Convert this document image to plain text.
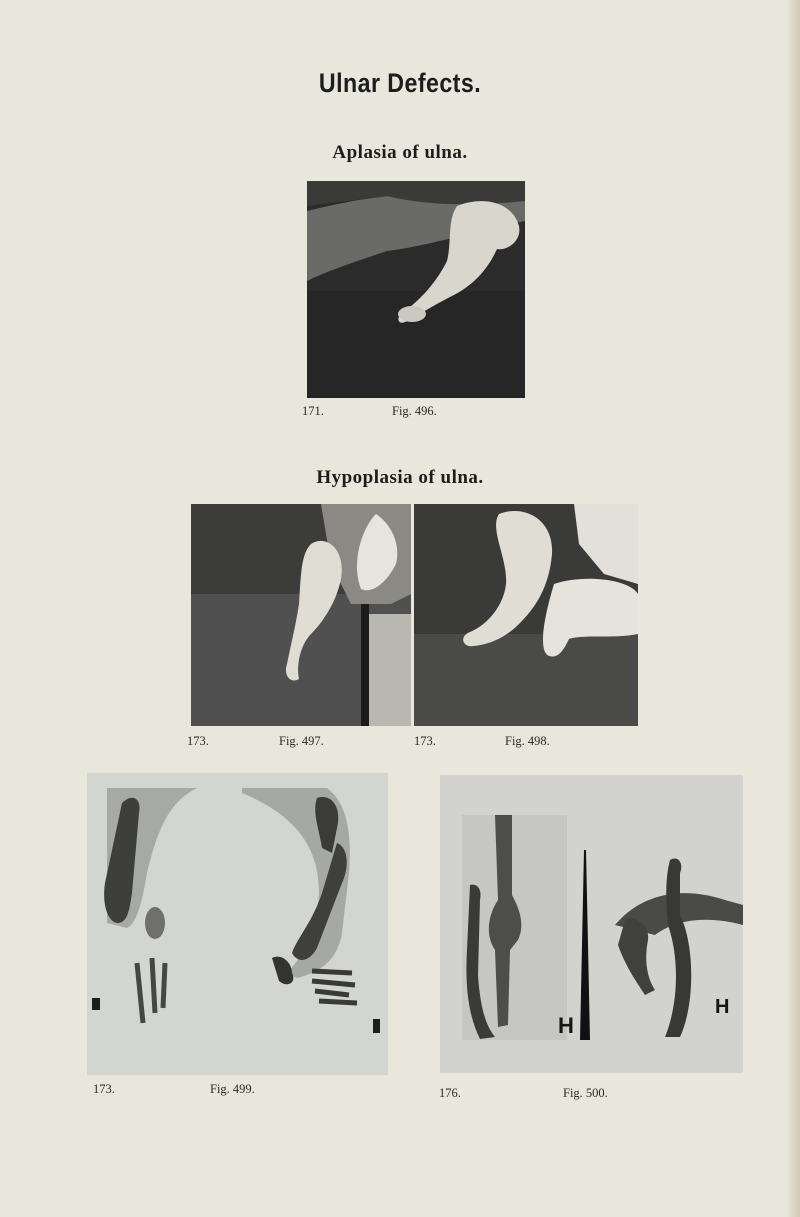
Ulnar Defects.
Aplasia of ulna.
171.	Fig. 496.
Hypoplasia of ulna.
173.	Fig. 497.	173.	Fig. 498.
H
H
173.	Fig. 499.	176.	Fig. 500.
